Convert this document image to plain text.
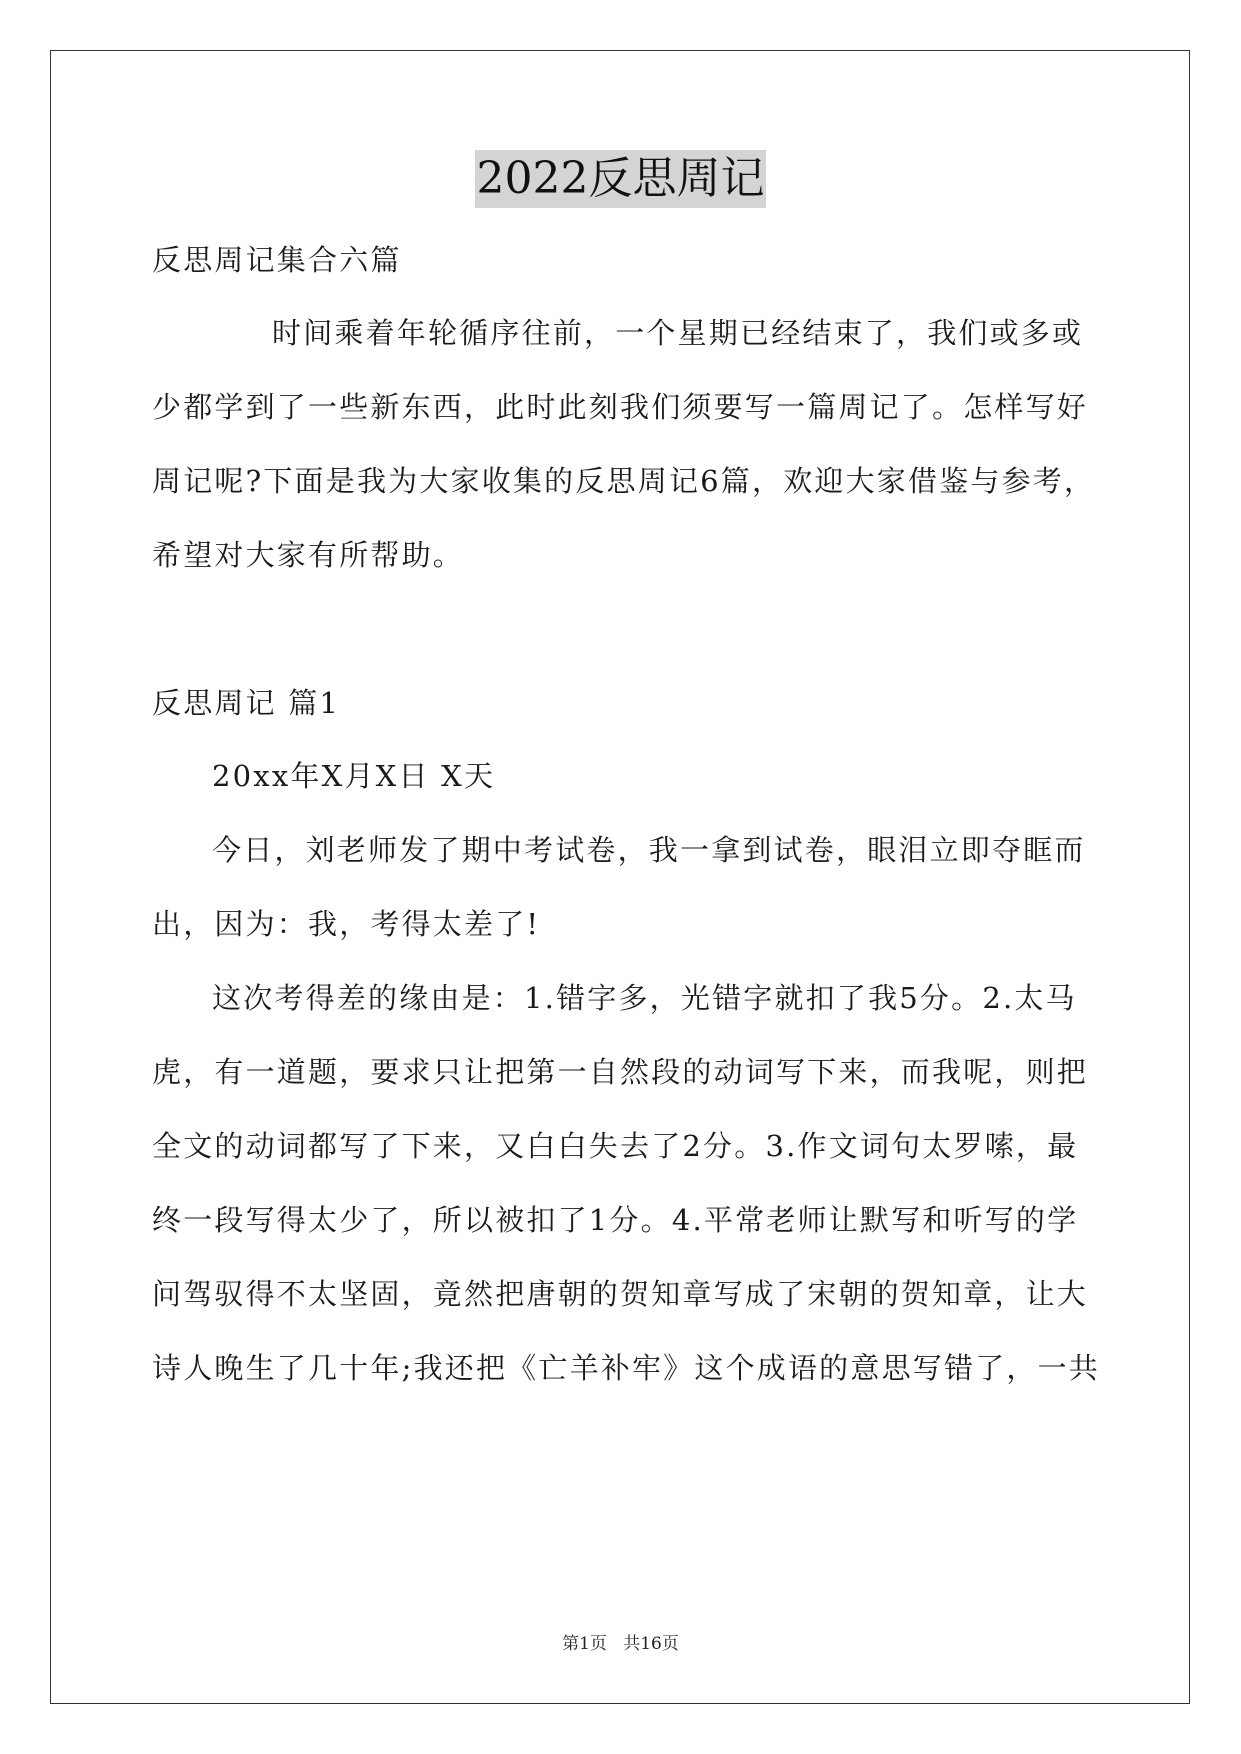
2022反思周记
反思周记集合六篇
时间乘着年轮循序往前，一个星期已经结束了，我们或多或
少都学到了一些新东西，此时此刻我们须要写一篇周记了。怎样写好
周记呢?下面是我为大家收集的反思周记6篇，欢迎大家借鉴与参考，
希望对大家有所帮助。
反思周记 篇1
20xx年X月X日 X天
今日，刘老师发了期中考试卷，我一拿到试卷，眼泪立即夺眶而
出，因为：我，考得太差了!
这次考得差的缘由是：1.错字多，光错字就扣了我5分。2.太马
虎，有一道题，要求只让把第一自然段的动词写下来，而我呢，则把
全文的动词都写了下来，又白白失去了2分。3.作文词句太罗嗦，最
终一段写得太少了，所以被扣了1分。4.平常老师让默写和听写的学
问驾驭得不太坚固，竟然把唐朝的贺知章写成了宋朝的贺知章，让大
诗人晚生了几十年;我还把《亡羊补牢》这个成语的意思写错了，一共
第1页 共16页
